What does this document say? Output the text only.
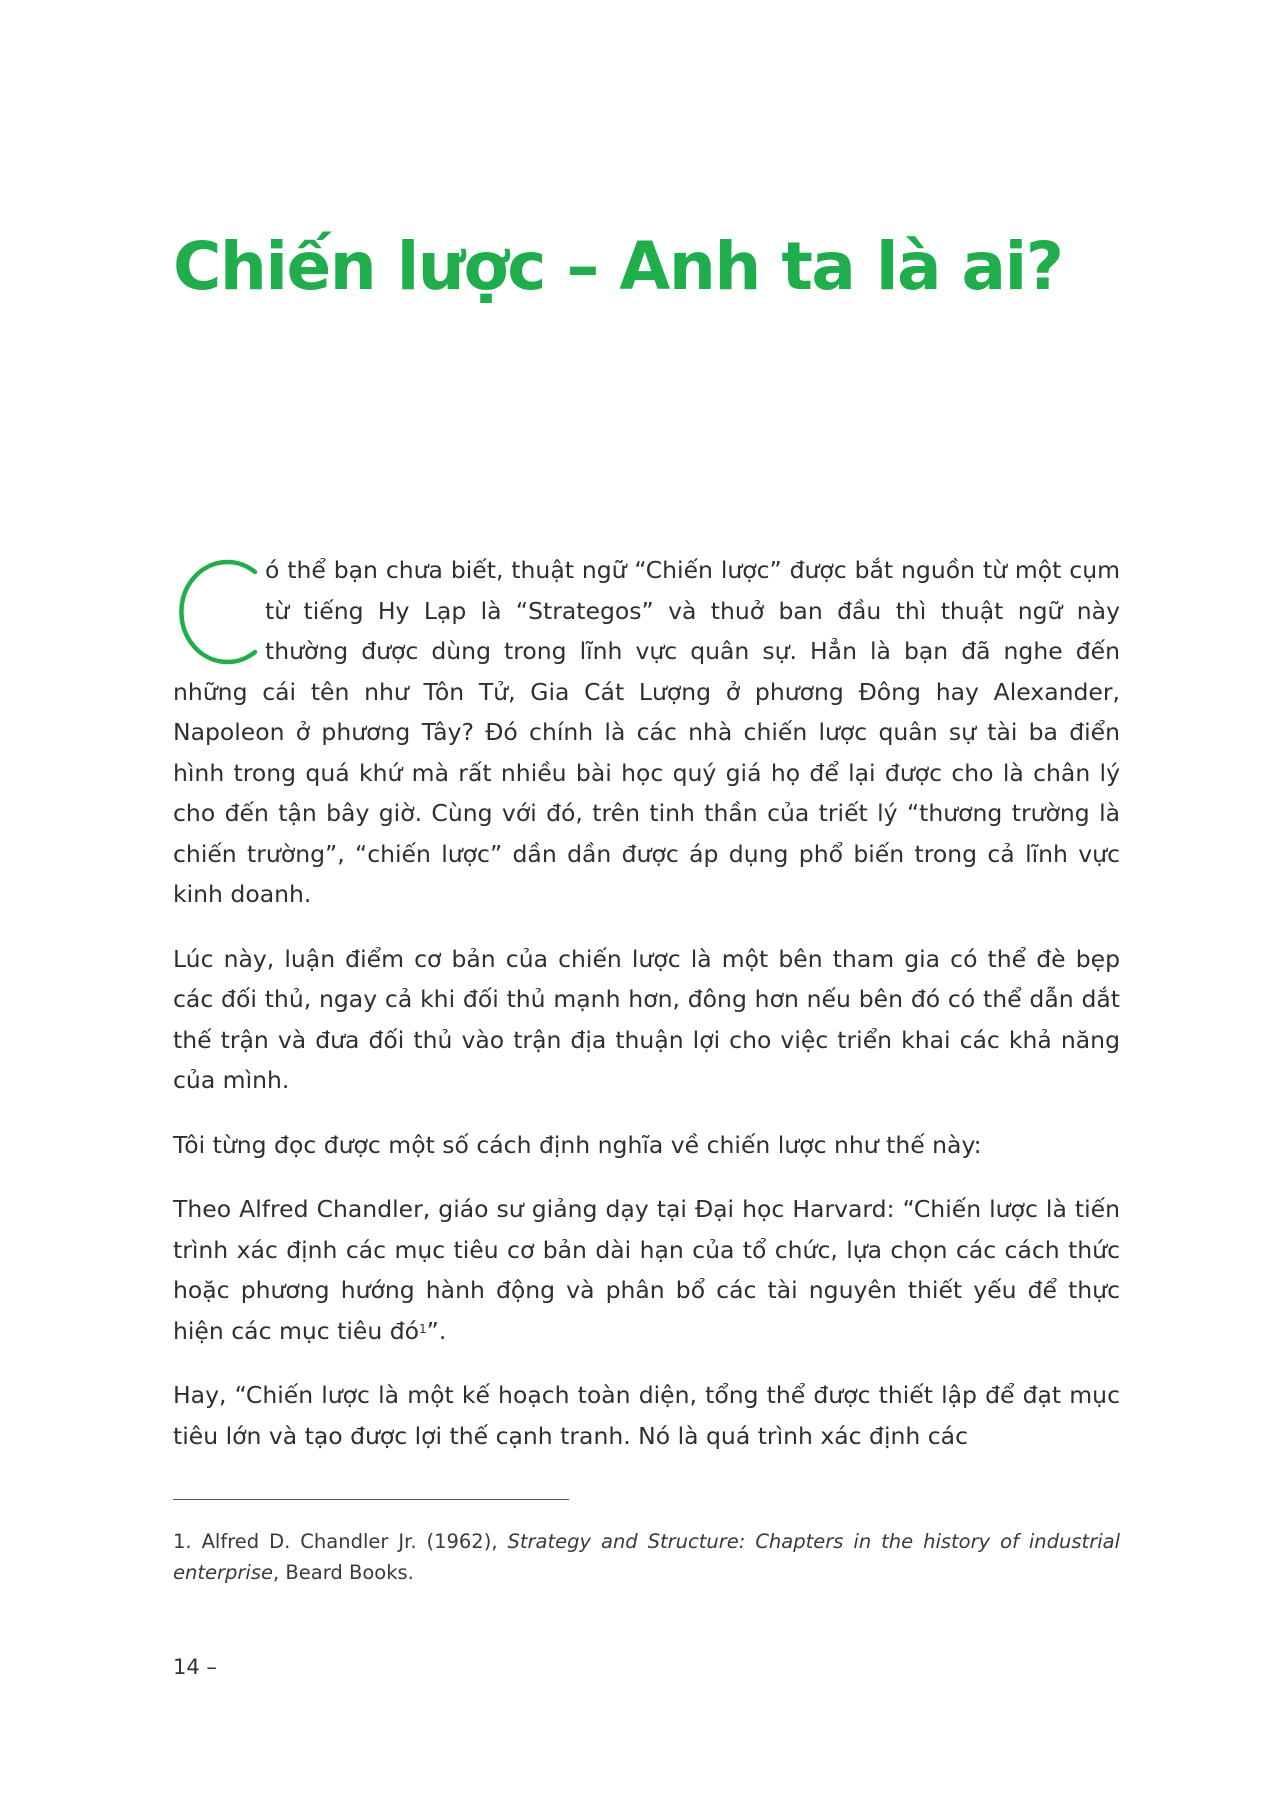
Chiến lược – Anh ta là ai?

ó thể bạn chưa biết, thuật ngữ “Chiến lược” được bắt nguồn từ một cụm từ tiếng Hy Lạp là “Strategos” và thuở ban đầu thì thuật ngữ này thường được dùng trong lĩnh vực quân sự. Hẳn là bạn đã nghe đến những cái tên như Tôn Tử, Gia Cát Lượng ở phương Đông hay Alexander, Napoleon ở phương Tây? Đó chính là các nhà chiến lược quân sự tài ba điển hình trong quá khứ mà rất nhiều bài học quý giá họ để lại được cho là chân lý cho đến tận bây giờ. Cùng với đó, trên tinh thần của triết lý “thương trường là chiến trường”, “chiến lược” dần dần được áp dụng phổ biến trong cả lĩnh vực kinh doanh.

Lúc này, luận điểm cơ bản của chiến lược là một bên tham gia có thể đè bẹp các đối thủ, ngay cả khi đối thủ mạnh hơn, đông hơn nếu bên đó có thể dẫn dắt thế trận và đưa đối thủ vào trận địa thuận lợi cho việc triển khai các khả năng của mình.

Tôi từng đọc được một số cách định nghĩa về chiến lược như thế này:

Theo Alfred Chandler, giáo sư giảng dạy tại Đại học Harvard: “Chiến lược là tiến trình xác định các mục tiêu cơ bản dài hạn của tổ chức, lựa chọn các cách thức hoặc phương hướng hành động và phân bổ các tài nguyên thiết yếu để thực hiện các mục tiêu $đó^1$”.

Hay, “Chiến lược là một kế hoạch toàn diện, tổng thể được thiết lập để đạt mục tiêu lớn và tạo được lợi thế cạnh tranh. Nó là quá trình xác định các

1. Alfred D. Chandler Jr. (1962), Strategy and Structure: Chapters in the history of industrial enterprise, Beard Books.
14 –
